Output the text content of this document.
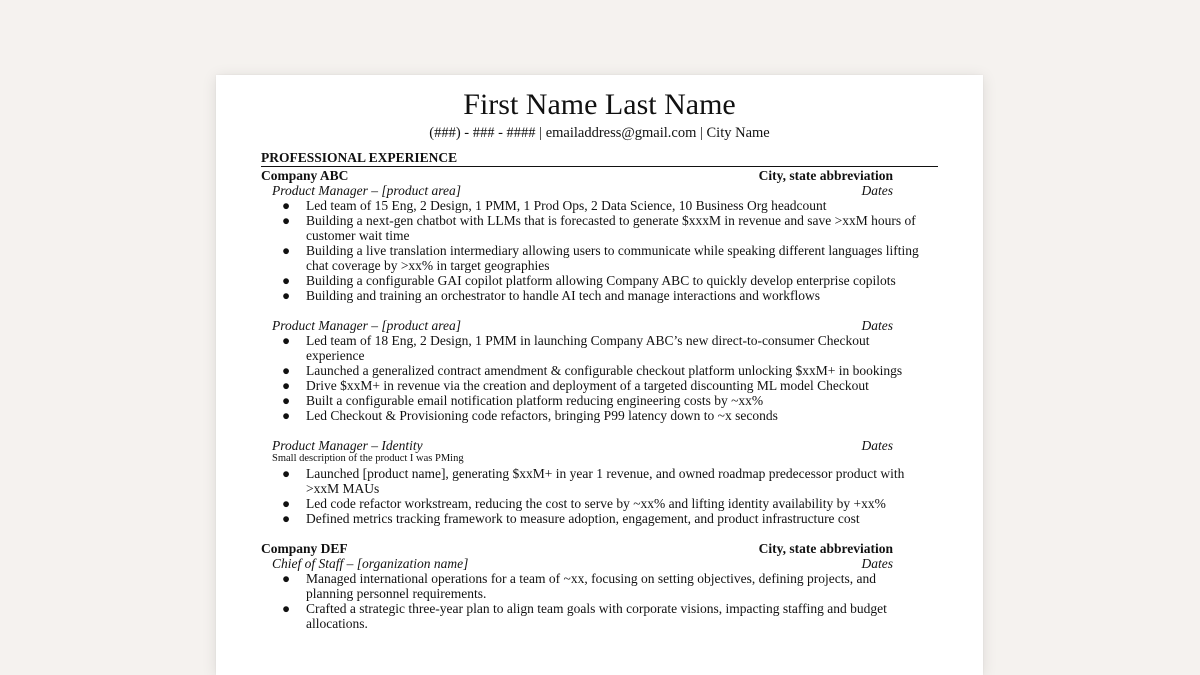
First Name Last Name
(###) - ### - #### | emailaddress@gmail.com | City Name
PROFESSIONAL EXPERIENCE
Company ABC	City, state abbreviation
Product Manager – [product area]	Dates
● Led team of 15 Eng, 2 Design, 1 PMM, 1 Prod Ops, 2 Data Science, 10 Business Org headcount
● Building a next-gen chatbot with LLMs that is forecasted to generate $xxxM in revenue and save >xxM hours of
customer wait time
● Building a live translation intermediary allowing users to communicate while speaking different languages lifting
chat coverage by >xx% in target geographies
● Building a configurable GAI copilot platform allowing Company ABC to quickly develop enterprise copilots
● Building and training an orchestrator to handle AI tech and manage interactions and workflows
Product Manager – [product area]	Dates
● Led team of 18 Eng, 2 Design, 1 PMM in launching Company ABC’s new direct-to-consumer Checkout
experience
● Launched a generalized contract amendment & configurable checkout platform unlocking $xxM+ in bookings
● Drive $xxM+ in revenue via the creation and deployment of a targeted discounting ML model Checkout
● Built a configurable email notification platform reducing engineering costs by ~xx%
● Led Checkout & Provisioning code refactors, bringing P99 latency down to ~x seconds
Product Manager – Identity	Dates
Small description of the product I was PMing
● Launched [product name], generating $xxM+ in year 1 revenue, and owned roadmap predecessor product with
>xxM MAUs
● Led code refactor workstream, reducing the cost to serve by ~xx% and lifting identity availability by +xx%
● Defined metrics tracking framework to measure adoption, engagement, and product infrastructure cost
Company DEF	City, state abbreviation
Chief of Staff – [organization name]	Dates
● Managed international operations for a team of ~xx, focusing on setting objectives, defining projects, and
planning personnel requirements.
● Crafted a strategic three-year plan to align team goals with corporate visions, impacting staffing and budget
allocations.
